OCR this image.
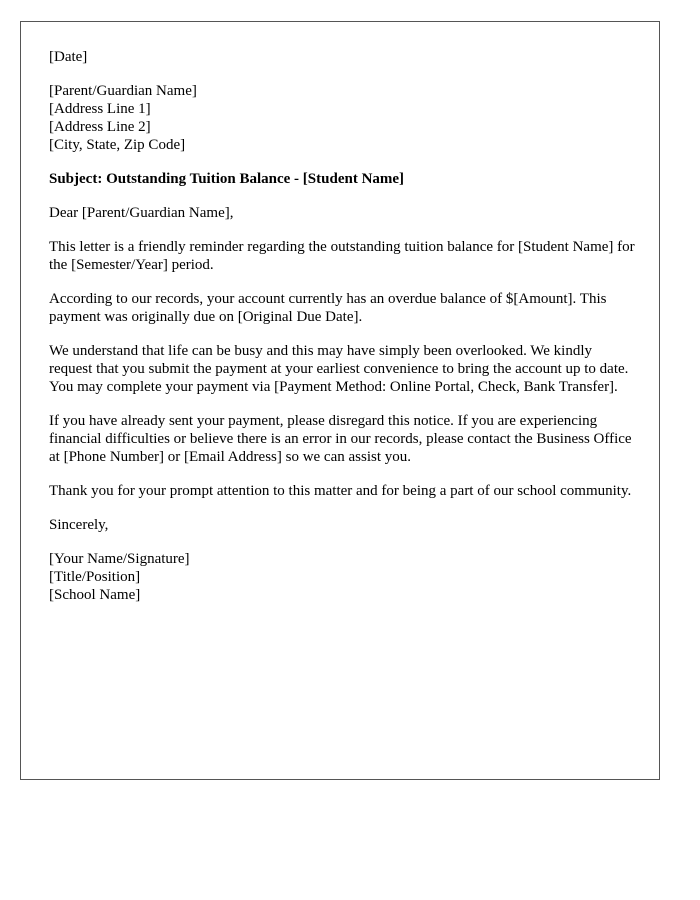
[Date]
[Parent/Guardian Name]
[Address Line 1]
[Address Line 2]
[City, State, Zip Code]
Subject: Outstanding Tuition Balance - [Student Name]
Dear [Parent/Guardian Name],
This letter is a friendly reminder regarding the outstanding tuition balance for [Student Name] for the [Semester/Year] period.
According to our records, your account currently has an overdue balance of $[Amount]. This payment was originally due on [Original Due Date].
We understand that life can be busy and this may have simply been overlooked. We kindly request that you submit the payment at your earliest convenience to bring the account up to date. You may complete your payment via [Payment Method: Online Portal, Check, Bank Transfer].
If you have already sent your payment, please disregard this notice. If you are experiencing financial difficulties or believe there is an error in our records, please contact the Business Office at [Phone Number] or [Email Address] so we can assist you.
Thank you for your prompt attention to this matter and for being a part of our school community.
Sincerely,
[Your Name/Signature]
[Title/Position]
[School Name]
